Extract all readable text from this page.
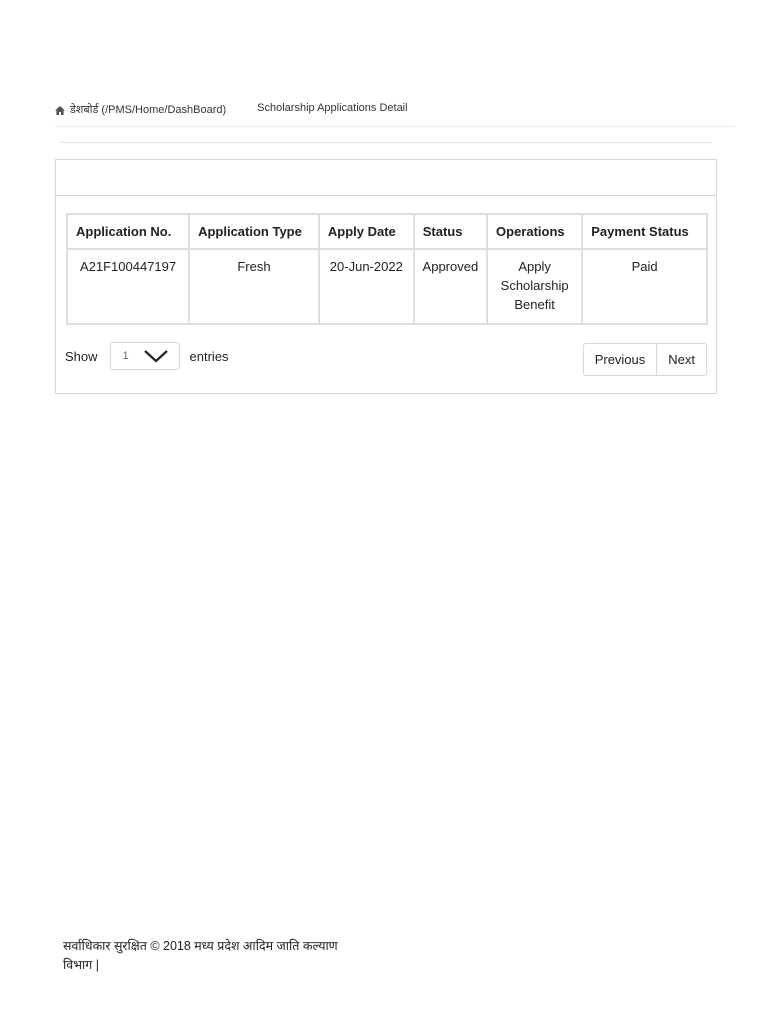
डेशबोर्ड (/PMS/Home/DashBoard)	Scholarship Applications Detail
Application No.	Application Type	Apply Date	Status	Operations	Payment Status
A21F100447197	Fresh	20-Jun-2022	Approved	Apply Scholarship Benefit	Paid
Show 1	entries	Previous	Next
सर्वाधिकार सुरक्षित © 2018 मध्य प्रदेश आदिम जाति कल्याण विभाग |
